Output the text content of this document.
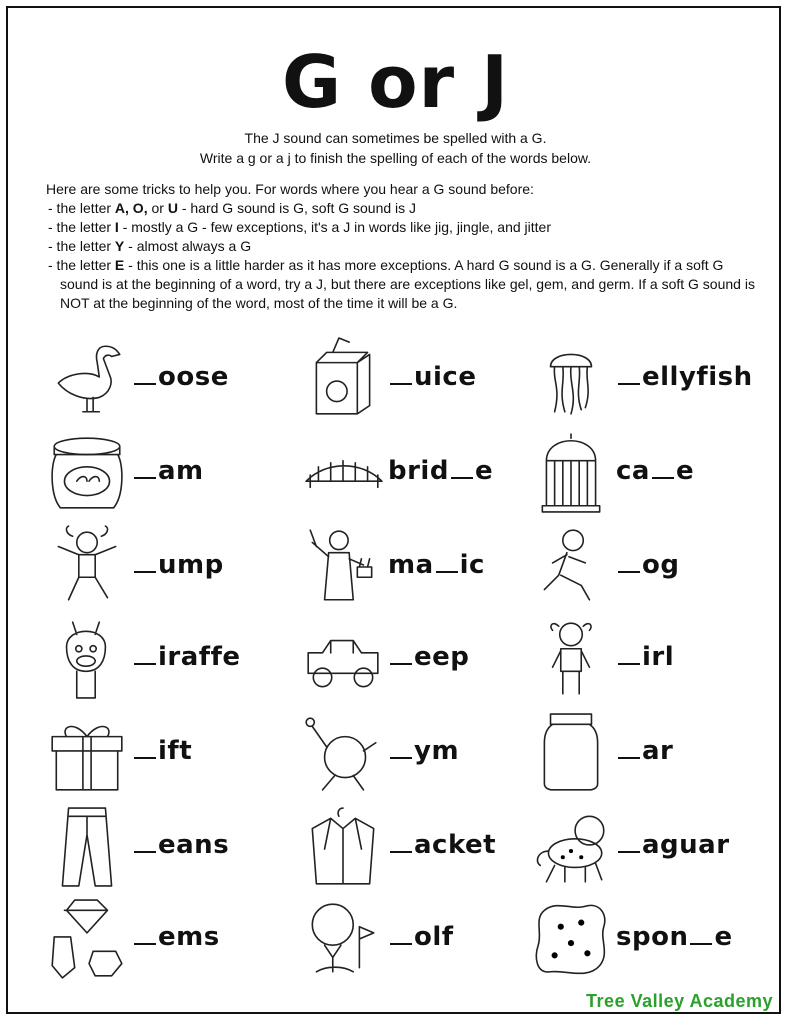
G or J
The J sound can sometimes be spelled with a G.
Write a g or a j to finish the spelling of each of the words below.
Here are some tricks to help you. For words where you hear a G sound before:
- the letter A, O, or U - hard G sound is G, soft G sound is J
- the letter I - mostly a G - few exceptions, it's a J in words like jig, jingle, and jitter
- the letter Y - almost always a G
- the letter E - this one is a little harder as it has more exceptions. A hard G sound is a G. Generally if a soft G sound is at the beginning of a word, try a J, but there are exceptions like gel, gem, and germ. If a soft G sound is NOT at the beginning of the word, most of the time it will be a G.
oose	uice	ellyfish
am	brid e	ca e
ump	ma ic	og
iraffe	eep	irl
ift	ym	ar
eans	acket	aguar
ems	olf	spon e
Tree Valley Academy
